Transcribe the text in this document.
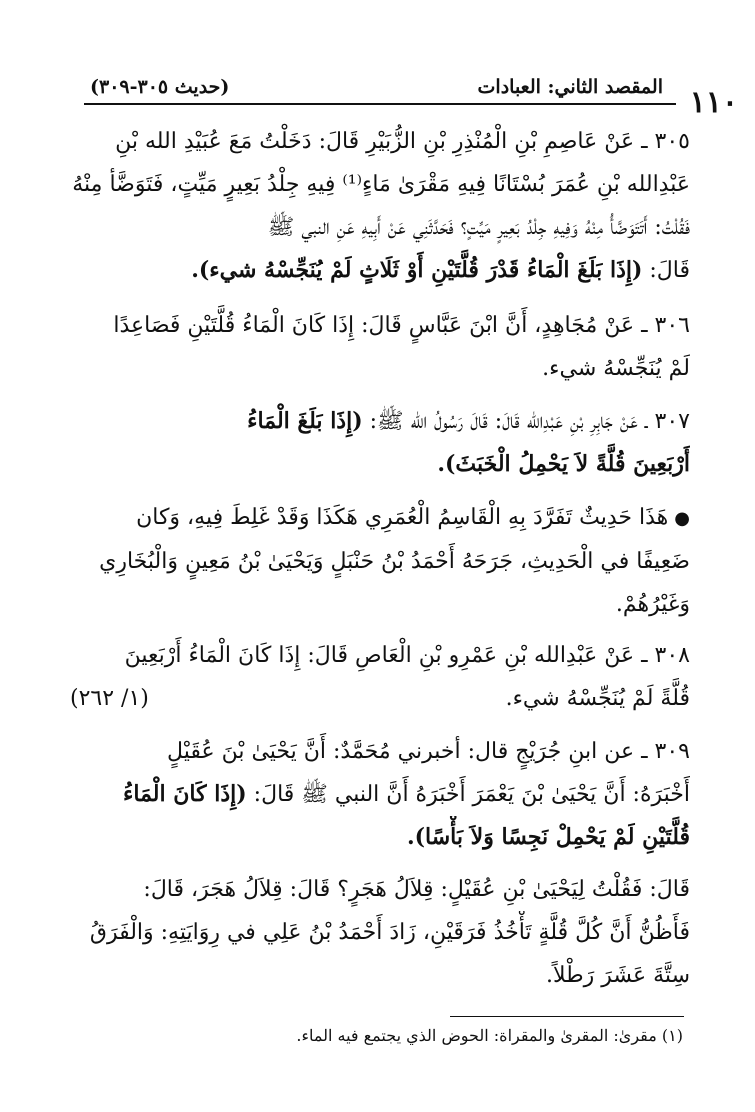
١١٠
المقصد الثاني: العبادات
(حديث ٣٠٥-٣٠٩)
٣٠٥ ـ عَنْ عَاصِمِ بْنِ الْمُنْذِرِ بْنِ الزُّبَيْرِ قَالَ: دَخَلْتُ مَعَ عُبَيْدِ الله بْنِ
عَبْدِالله بْنِ عُمَرَ بُسْتَانًا فِيهِ مَقْرَىٰ مَاءٍ⁽¹⁾ فِيهِ جِلْدُ بَعِيرٍ مَيِّتٍ، فَتَوَضَّأ مِنْهُ
فَقُلْتُ: أَتَتَوَضَّأُ مِنْهُ وَفِيهِ جِلْدُ بَعِيرٍ مَيِّتٍ؟ فَحَدَّثَنِي عَنْ أَبِيهِ عَنِ النبي ﷺ
قَالَ: (إِذَا بَلَغَ الْمَاءُ قَدْرَ قُلَّتَيْنِ أَوْ ثَلَاثٍ لَمْ يُنَجِّسْهُ شيء).
٣٠٦ ـ عَنْ مُجَاهِدٍ، أَنَّ ابْنَ عَبَّاسٍ قَالَ: إِذَا كَانَ الْمَاءُ قُلَّتَيْنِ فَصَاعِدًا
لَمْ يُنَجِّسْهُ شيء.
٣٠٧ ـ عَنْ جَابِرِ بْنِ عَبْدِالله قَالَ: قَالَ رَسُولُ الله ﷺ: (إِذَا بَلَغَ الْمَاءُ
أَرْبَعِينَ قُلَّةً لاَ يَحْمِلُ الْخَبَثَ).
●هَذَا حَدِيثٌ تَفَرَّدَ بِهِ الْقَاسِمُ الْعُمَرِي هَكَذَا وَقَدْ غَلِطَ فِيهِ، وَكان
ضَعِيفًا في الْحَدِيثِ، جَرَحَهُ أَحْمَدُ بْنُ حَنْبَلٍ وَيَحْيَىٰ بْنُ مَعِينٍ وَالْبُخَارِي
وَغَيْرُهُمْ.
٣٠٨ ـ عَنْ عَبْدِالله بْنِ عَمْرِو بْنِ الْعَاصِ قَالَ: إِذَا كَانَ الْمَاءُ أَرْبَعِينَ
قُلَّةً لَمْ يُنَجِّسْهُ شيء.
(١/ ٢٦٢)
٣٠٩ ـ عن ابنِ جُرَيْجٍ قال: أخبرني مُحَمَّدٌ: أَنَّ يَحْيَىٰ بْنَ عُقَيْلٍ
أَخْبَرَهُ: أَنَّ يَحْيَىٰ بْنَ يَعْمَرَ أَخْبَرَهُ أَنَّ النبي ﷺ قَالَ: (إِذَا كَانَ الْمَاءُ
قُلَّتَيْنِ لَمْ يَحْمِلْ نَجِسًا وَلاَ بَأْسًا).
قَالَ: فَقُلْتُ لِيَحْيَىٰ بْنِ عُقَيْلٍ: قِلاَلُ هَجَرٍ؟ قَالَ: قِلاَلُ هَجَرَ، قَالَ:
فَأَظُنُّ أَنَّ كُلَّ قُلَّةٍ تَأْخُذُ فَرَقَيْنِ، زَادَ أَحْمَدُ بْنُ عَلِي في رِوَايَتِهِ: وَالْفَرَقُ
سِتَّةَ عَشَرَ رَطْلاً.
(١) مقرىٰ: المقرىٰ والمقراة: الحوض الذي يجتمع فيه الماء.
